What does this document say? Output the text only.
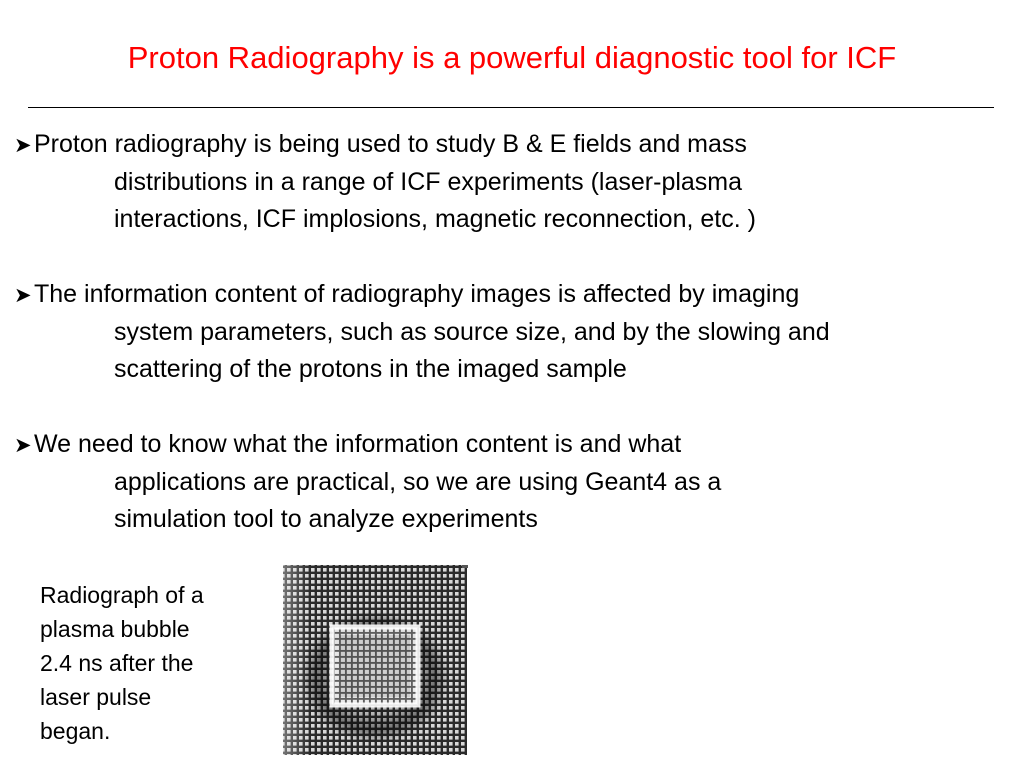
Proton Radiography is a powerful diagnostic tool for ICF
➤Proton radiography is being used to study B & E fields and mass
distributions in a range of ICF experiments (laser-plasma
interactions, ICF implosions, magnetic reconnection, etc. )
➤The information content of radiography images is affected by imaging
system parameters, such as source size, and by the slowing and
scattering of the protons in the imaged sample
➤We need to know what the information content is and what
applications are practical, so we are using Geant4 as a
simulation tool to analyze experiments
Radiograph of a
plasma bubble
2.4 ns after the
laser pulse
began.
